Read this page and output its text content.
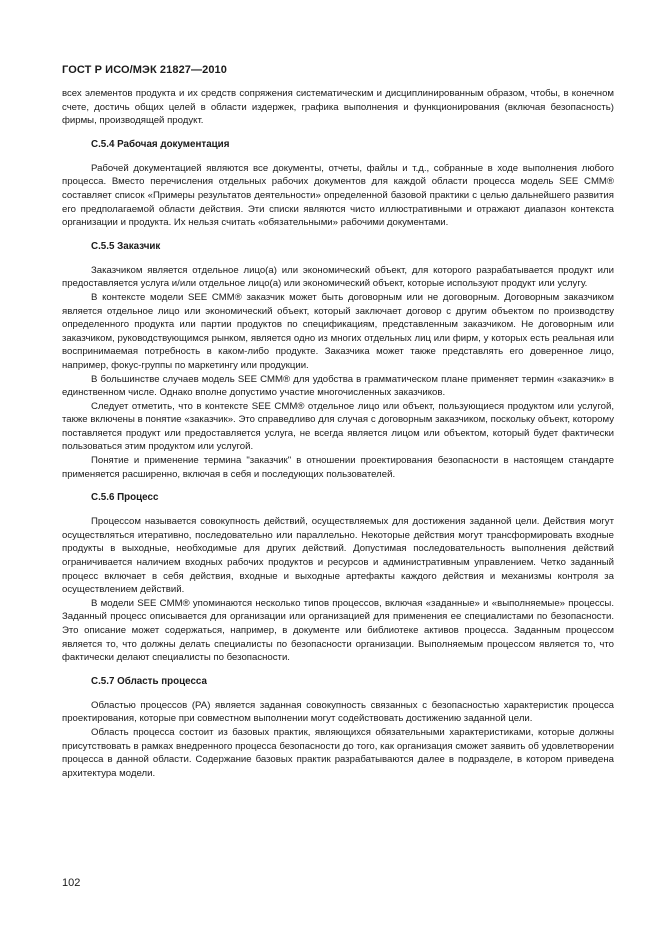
ГОСТ Р ИСО/МЭК 21827—2010

всех элементов продукта и их средств сопряжения систематическим и дисциплинированным образом, чтобы, в конечном счете, достичь общих целей в области издержек, графика выполнения и функционирования (включая безопасность) фирмы, производящей продукт.

С.5.4 Рабочая документация

Рабочей документацией являются все документы, отчеты, файлы и т.д., собранные в ходе выполнения любого процесса. Вместо перечисления отдельных рабочих документов для каждой области процесса модель SEE CMM® составляет список «Примеры результатов деятельности» определенной базовой практики с целью дальнейшего развития его предполагаемой области действия. Эти списки являются чисто иллюстративными и отражают диапазон контекста организации и продукта. Их нельзя считать «обязательными» рабочими документами.

С.5.5 Заказчик

Заказчиком является отдельное лицо(а) или экономический объект, для которого разрабатывается продукт или предоставляется услуга и/или отдельное лицо(а) или экономический объект, которые используют продукт или услугу.

В контексте модели SEE CMM® заказчик может быть договорным или не договорным. Договорным заказчиком является отдельное лицо или экономический объект, который заключает договор с другим объектом по производству определенного продукта или партии продуктов по спецификациям, представленным заказчиком. Не договорным или заказчиком, руководствующимся рынком, является одно из многих отдельных лиц или фирм, у которых есть реальная или воспринимаемая потребность в каком-либо продукте. Заказчика может также представлять его доверенное лицо, например, фокус-группы по маркетингу или продукции.

В большинстве случаев модель SEE CMM® для удобства в грамматическом плане применяет термин «заказчик» в единственном числе. Однако вполне допустимо участие многочисленных заказчиков.

Следует отметить, что в контексте SEE CMM® отдельное лицо или объект, пользующиеся продуктом или услугой, также включены в понятие «заказчик». Это справедливо для случая с договорным заказчиком, поскольку объект, которому поставляется продукт или предоставляется услуга, не всегда является лицом или объектом, который будет фактически пользоваться этим продуктом или услугой.

Понятие и применение термина "заказчик" в отношении проектирования безопасности в настоящем стандарте применяется расширенно, включая в себя и последующих пользователей.

С.5.6 Процесс

Процессом называется совокупность действий, осуществляемых для достижения заданной цели. Действия могут осуществляться итеративно, последовательно или параллельно. Некоторые действия могут трансформировать входные продукты в выходные, необходимые для других действий. Допустимая последовательность выполнения действий ограничивается наличием входных рабочих продуктов и ресурсов и административным управлением. Четко заданный процесс включает в себя действия, входные и выходные артефакты каждого действия и механизмы контроля за осуществлением действий.

В модели SEE CMM® упоминаются несколько типов процессов, включая «заданные» и «выполняемые» процессы. Заданный процесс описывается для организации или организацией для применения ее специалистами по безопасности. Это описание может содержаться, например, в документе или библиотеке активов процесса. Заданным процессом является то, что должны делать специалисты по безопасности организации. Выполняемым процессом является то, что фактически делают специалисты по безопасности.

С.5.7 Область процесса

Областью процессов (РА) является заданная совокупность связанных с безопасностью характеристик процесса проектирования, которые при совместном выполнении могут содействовать достижению заданной цели.

Область процесса состоит из базовых практик, являющихся обязательными характеристиками, которые должны присутствовать в рамках внедренного процесса безопасности до того, как организация сможет заявить об удовлетворении процесса в данной области. Содержание базовых практик разрабатываются далее в подразделе, в котором приведена архитектура модели.

102
